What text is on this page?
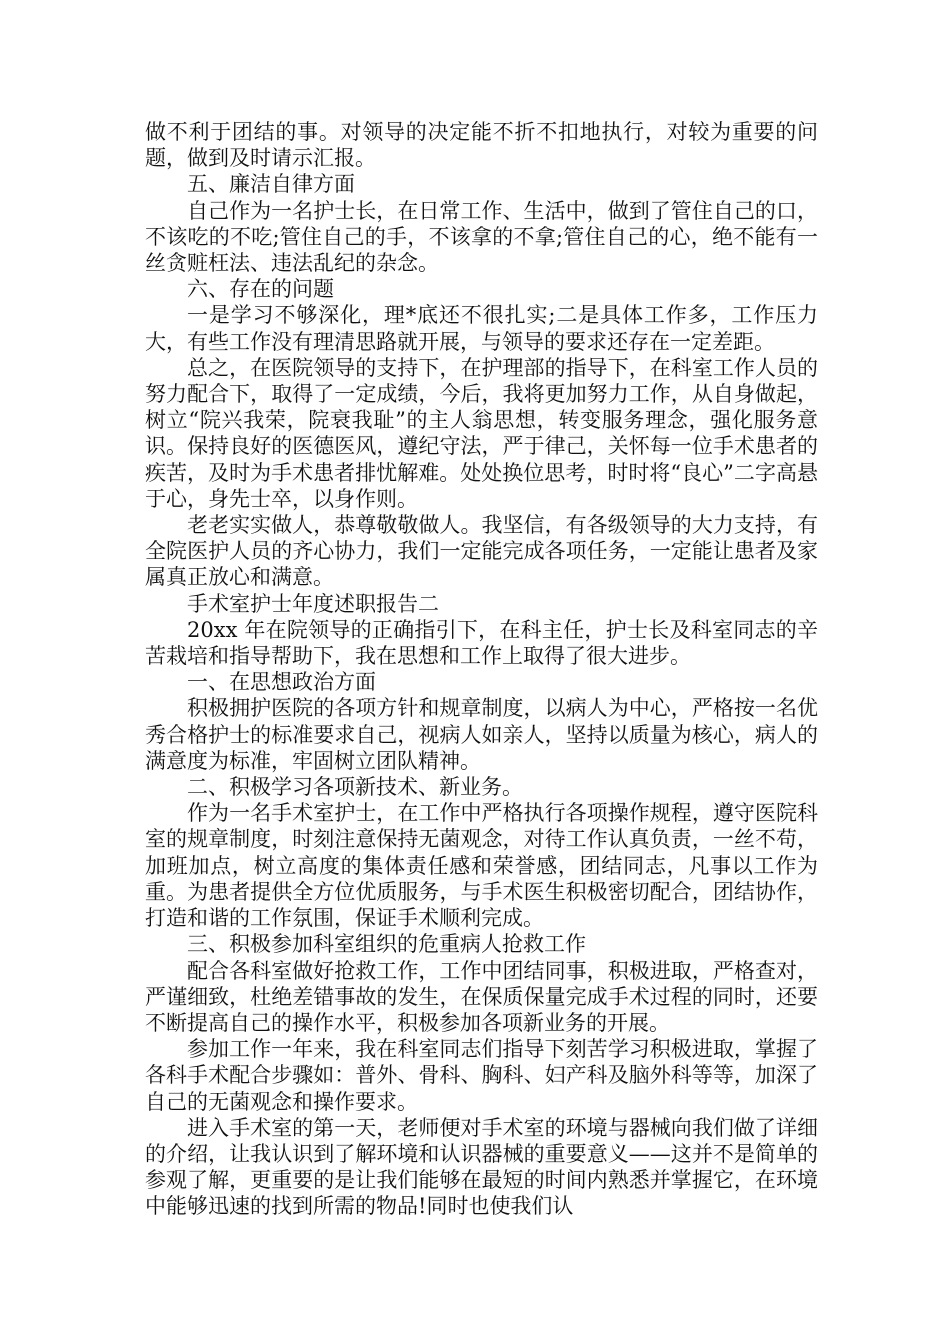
做不利于团结的事。对领导的决定能不折不扣地执行，对较为重要的问题，做到及时请示汇报。

五、廉洁自律方面

自己作为一名护士长，在日常工作、生活中，做到了管住自己的口，不该吃的不吃;管住自己的手，不该拿的不拿;管住自己的心，绝不能有一丝贪赃枉法、违法乱纪的杂念。

六、存在的问题

一是学习不够深化，理*底还不很扎实;二是具体工作多，工作压力大，有些工作没有理清思路就开展，与领导的要求还存在一定差距。

总之，在医院领导的支持下，在护理部的指导下，在科室工作人员的努力配合下，取得了一定成绩，今后，我将更加努力工作，从自身做起，树立“院兴我荣，院衰我耻”的主人翁思想，转变服务理念，强化服务意识。保持良好的医德医风，遵纪守法，严于律己，关怀每一位手术患者的疾苦，及时为手术患者排忧解难。处处换位思考，时时将“良心”二字高悬于心，身先士卒，以身作则。

老老实实做人，恭尊敬敬做人。我坚信，有各级领导的大力支持，有全院医护人员的齐心协力，我们一定能完成各项任务，一定能让患者及家属真正放心和满意。

手术室护士年度述职报告二

20xx 年在院领导的正确指引下，在科主任，护士长及科室同志的辛苦栽培和指导帮助下，我在思想和工作上取得了很大进步。

一、在思想政治方面

积极拥护医院的各项方针和规章制度，以病人为中心，严格按一名优秀合格护士的标准要求自己，视病人如亲人，坚持以质量为核心，病人的满意度为标准，牢固树立团队精神。

二、积极学习各项新技术、新业务。

作为一名手术室护士，在工作中严格执行各项操作规程，遵守医院科室的规章制度，时刻注意保持无菌观念，对待工作认真负责，一丝不苟，加班加点，树立高度的集体责任感和荣誉感，团结同志，凡事以工作为重。为患者提供全方位优质服务，与手术医生积极密切配合，团结协作，打造和谐的工作氛围，保证手术顺利完成。

三、积极参加科室组织的危重病人抢救工作

配合各科室做好抢救工作，工作中团结同事，积极进取，严格查对，严谨细致，杜绝差错事故的发生，在保质保量完成手术过程的同时，还要不断提高自己的操作水平，积极参加各项新业务的开展。

参加工作一年来，我在科室同志们指导下刻苦学习积极进取，掌握了各科手术配合步骤如：普外、骨科、胸科、妇产科及脑外科等等，加深了自己的无菌观念和操作要求。

进入手术室的第一天，老师便对手术室的环境与器械向我们做了详细的介绍，让我认识到了解环境和认识器械的重要意义——这并不是简单的参观了解，更重要的是让我们能够在最短的时间内熟悉并掌握它，在环境中能够迅速的找到所需的物品!同时也使我们认
